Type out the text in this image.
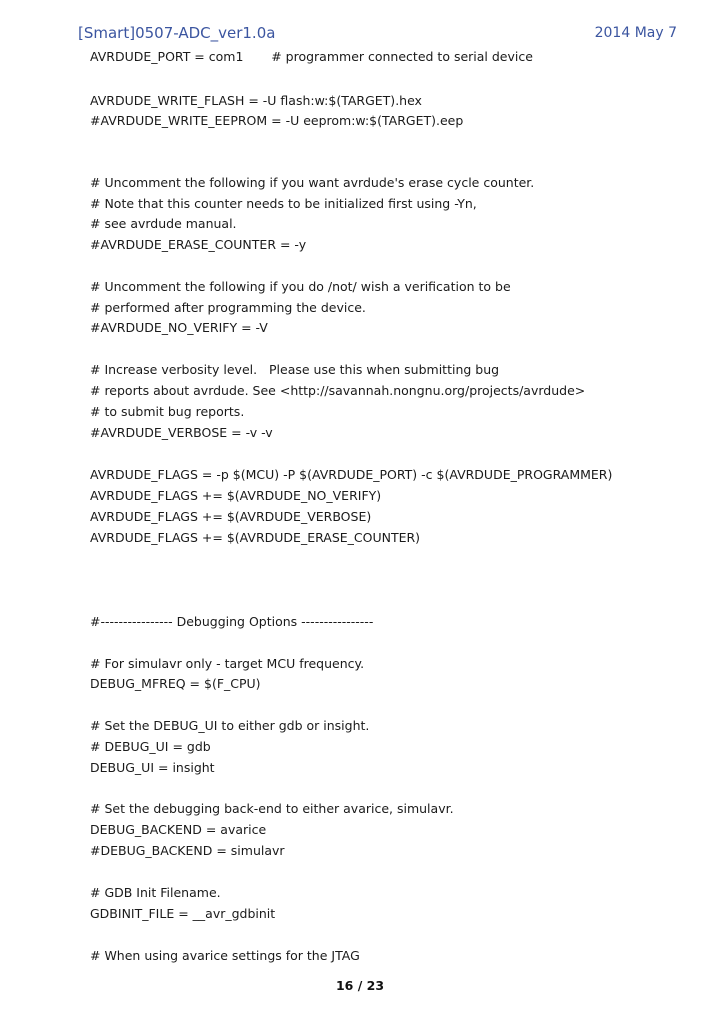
[Smart]0507-ADC_ver1.0a	2014 May 7
AVRDUDE_PORT = com1       # programmer connected to serial device
AVRDUDE_WRITE_FLASH = -U flash:w:$(TARGET).hex
#AVRDUDE_WRITE_EEPROM = -U eeprom:w:$(TARGET).eep
# Uncomment the following if you want avrdude's erase cycle counter.
# Note that this counter needs to be initialized first using -Yn,
# see avrdude manual.
#AVRDUDE_ERASE_COUNTER = -y
# Uncomment the following if you do /not/ wish a verification to be
# performed after programming the device.
#AVRDUDE_NO_VERIFY = -V
# Increase verbosity level.   Please use this when submitting bug
# reports about avrdude. See <http://savannah.nongnu.org/projects/avrdude>
# to submit bug reports.
#AVRDUDE_VERBOSE = -v -v
AVRDUDE_FLAGS = -p $(MCU) -P $(AVRDUDE_PORT) -c $(AVRDUDE_PROGRAMMER)
AVRDUDE_FLAGS += $(AVRDUDE_NO_VERIFY)
AVRDUDE_FLAGS += $(AVRDUDE_VERBOSE)
AVRDUDE_FLAGS += $(AVRDUDE_ERASE_COUNTER)
#---------------- Debugging Options ----------------
# For simulavr only - target MCU frequency.
DEBUG_MFREQ = $(F_CPU)
# Set the DEBUG_UI to either gdb or insight.
# DEBUG_UI = gdb
DEBUG_UI = insight
# Set the debugging back-end to either avarice, simulavr.
DEBUG_BACKEND = avarice
#DEBUG_BACKEND = simulavr
# GDB Init Filename.
GDBINIT_FILE = __avr_gdbinit
# When using avarice settings for the JTAG
16 / 23
